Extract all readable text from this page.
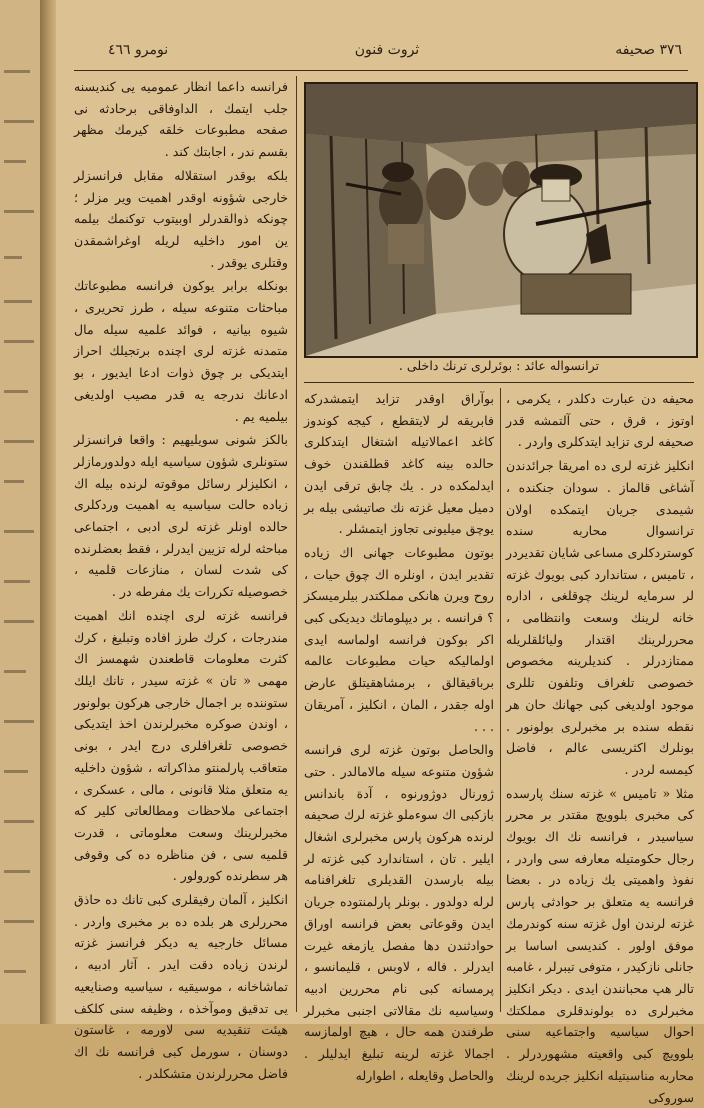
٣٧٦ صحيفه
ثروت فنون
نومرو ٤٦٦

فرانسه داعما انظار عموميه يى كنديسنه جلب ايتمك ، الداوفاقى برحادثه نى صفحه مطبوعات خلقه كيرمك مظهر بقسم ندر ، اجابتك كند .

بلكه بوقدر استقلاله مقابل فرانسزلر خارجى شؤونه اوقدر اهميت وير مزلر ؛ چونكه ذوالقدرلر اوبيتوب توكنمك بيلمه ين امور داخليه لريله اوغراشمقدن وقتلرى يوقدر .

بونكله برابر يوكون فرانسه مطبوعاتك مباحثات متنوعه سيله ، طرز تحريرى ، شيوه بيانيه ، فوائد علميه سيله مال متمدنه غزته لرى اچنده برتجيلك احراز ايتديكى بر چوق ذوات ادعا ايديور ، بو ادعانك ندرجه يه قدر مصيب اولديغى بيلميه يم .

بالكز شونى سويليهيم : واقعا فرانسزلر ستونلرى شؤون سياسيه ايله دولدورمازلر ، انكليزلر رسائل موقوته لرنده بيله اك زياده حالت سياسيه يه اهميت وردكلرى حالده اونلر غزته لرى ادبى ، اجتماعى مباحثه لرله تزيين ايدرلر ، فقط بعضلرنده كى شدت لسان ، منازعات قلميه ، خصوصيله تكررات يك مفرطه در .

فرانسه غزته لرى اچنده انك اهميت مندرجات ، كرك طرز افاده وتبليغ ، كرك كثرت معلومات قاطعندن شهمسز اك مهمى « تان » غزته سيدر ، تانك ايلك ستوننده بر اجمال خارجى هركون بولونور ، اوندن صوكره مخبرلرندن اخذ ايتديكى خصوصى تلغرافلرى درج ايدر ، بونى متعاقب پارلمنتو مذاكراته ، شؤون داخليه يه متعلق مثلا قانونى ، مالى ، عسكرى ، اجتماعى ملاحظات ومطالعاتى كلير كه مخبرلرينك وسعت معلوماتى ، قدرت قلميه سى ، فن مناظره ده كى وقوفى هر سطرنده كورولور .

انكليز ، آلمان رفيقلرى كبى تانك ده حاذق محررلرى هر بلده ده بر مخبرى واردر . مسائل خارجيه يه ديكر فرانسز غزته لرندن زياده دقت ايدر . آثار ادبيه ، تماشاخانه ، موسيقيه ، سياسيه وصنايعيه يى تدقيق وموآخذه ، وظيفه سنى كلكف هيئت تنقيديه سى لاورمه ، غاستون دوسنان ، سورمل كبى فرانسه نك اك فاضل محررلرندن متشكلدر .

ترانسواله عائد : بوئرلرى ترنك داخلى .

بوآراق اوقدر تزايد ايتمشدركه فابريقه لر لايتقطع ، كيجه كوندوز كاغد اعمالاتيله اشتغال ايتدكلرى حالده بينه كاغد قطلقندن خوف ايدلمكده در . يك چابق ترقى ايدن دميل معيل غزته نك صاتيشى بيله بر يوچق ميليونى تجاوز ايتمشلر .

بوتون مطبوعات جهانى اك زياده تقدير ايدن ، اونلره اك چوق حيات ، روح ويرن هانكى مملكتدر بيلرميسكز ؟ فرانسه . بر ديپلوماتك ديديكى كبى اكر بوكون فرانسه اولماسه ايدى اولماليكه حيات مطبوعات عالمه برباقيقالق ، برمشاهقيتلق عارض اوله جقدر ، المان ، انكليز ، آمريقان . . .

والحاصل بوتون غزته لرى فرانسه شؤون متنوعه سيله مالامالدر . حتى ژورنال دوژورنوه ، آدة باندانس بازكبى اك سوءملو غزته لرك صحيفه لرنده هركون پارس مخبرلرى اشغال ايلير . تان ، استاندارد كبى غزته لر بيله بارسدن القديلرى تلغرافنامه لرله دولدور . بونلر پارلمنتوده جريان ايدن وقوعاتى بعض فرانسه اوراق حوادثندن دها مفصل يازمغه غيرت ايدرلر . فاله ، لاوبس ، قليمانسو ، پرمسانه كبى نام محررين ادبيه وسياسيه نك مقالاتى اجنبى مخبرلر طرفندن همه حال ، هيچ اولمازسه اجمالا غزته لرينه تبليغ ايدليلر . والحاصل وقايعله ، اطوارله

محيفه دن عبارت دكلدر ، يكرمى ، اوتوز ، قرق ، حتى آلتمشه قدر صحيفه لرى تزايد ايتدكلرى واردر .

انكليز غزته لرى ده امريقا جرائدندن آشاغى قالماز . سودان جنكنده ، شيمدى جريان ايتمكده اولان ترانسوال محاربه سنده كوستردكلرى مساعى شايان تقديردر ، تاميس ، ستاندارد كبى بويوك غزته لر سرمايه لرينك چوقلغى ، اداره خانه لرينك وسعت وانتظامى ، محررلرينك اقتدار وليائلقلريله ممتازدرلر . كنديلرينه مخصوص خصوصى تلغراف وتلفون تللرى موجود اولديغى كبى جهانك حان هر نقطه سنده بر مخبرلرى بولونور . بونلرك اكثريسى عالم ، فاضل كيمسه لردر .

مثلا « تاميس » غزته سنك پارسده كى مخبرى بلوويچ مقتدر بر محرر سياسيدر ، فرانسه نك اك بويوك رجال حكومتيله معارفه سى واردر ، نفوذ واهميتى يك زياده در . بعضا فرانسه يه متعلق بر حوادثى پارس غزته لرندن اول غزته سنه كوندرمك موفق اولور . كنديسى اساسا بر جانلى نازكيدر ، متوفى تيبرلر ، غامبه تالر هپ محبانندن ايدى . ديكر انكليز مخبرلرى ده بولوندقلرى مملكتك احوال سياسيه واجتماعيه سنى بلوويچ كبى واقعيته مشهوردرلر . محاربه مناسبتيله انكليز جريده لرينك سوروكى
